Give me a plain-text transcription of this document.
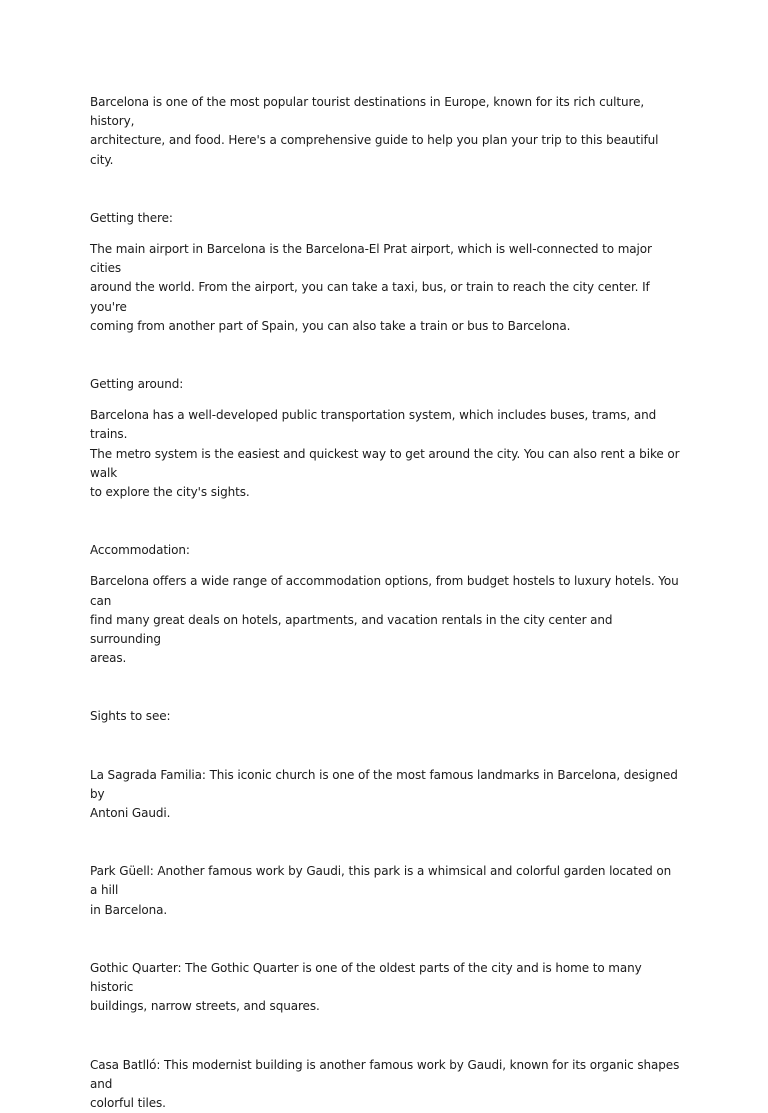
Barcelona is one of the most popular tourist destinations in Europe, known for its rich culture, history,
architecture, and food. Here's a comprehensive guide to help you plan your trip to this beautiful city.

Getting there:

The main airport in Barcelona is the Barcelona-El Prat airport, which is well-connected to major cities
around the world. From the airport, you can take a taxi, bus, or train to reach the city center. If you're
coming from another part of Spain, you can also take a train or bus to Barcelona.

Getting around:

Barcelona has a well-developed public transportation system, which includes buses, trams, and trains.
The metro system is the easiest and quickest way to get around the city. You can also rent a bike or walk
to explore the city's sights.

Accommodation:

Barcelona offers a wide range of accommodation options, from budget hostels to luxury hotels. You can
find many great deals on hotels, apartments, and vacation rentals in the city center and surrounding
areas.

Sights to see:

La Sagrada Familia: This iconic church is one of the most famous landmarks in Barcelona, designed by
Antoni Gaudi.

Park Güell: Another famous work by Gaudi, this park is a whimsical and colorful garden located on a hill
in Barcelona.

Gothic Quarter: The Gothic Quarter is one of the oldest parts of the city and is home to many historic
buildings, narrow streets, and squares.

Casa Batlló: This modernist building is another famous work by Gaudi, known for its organic shapes and
colorful tiles.
